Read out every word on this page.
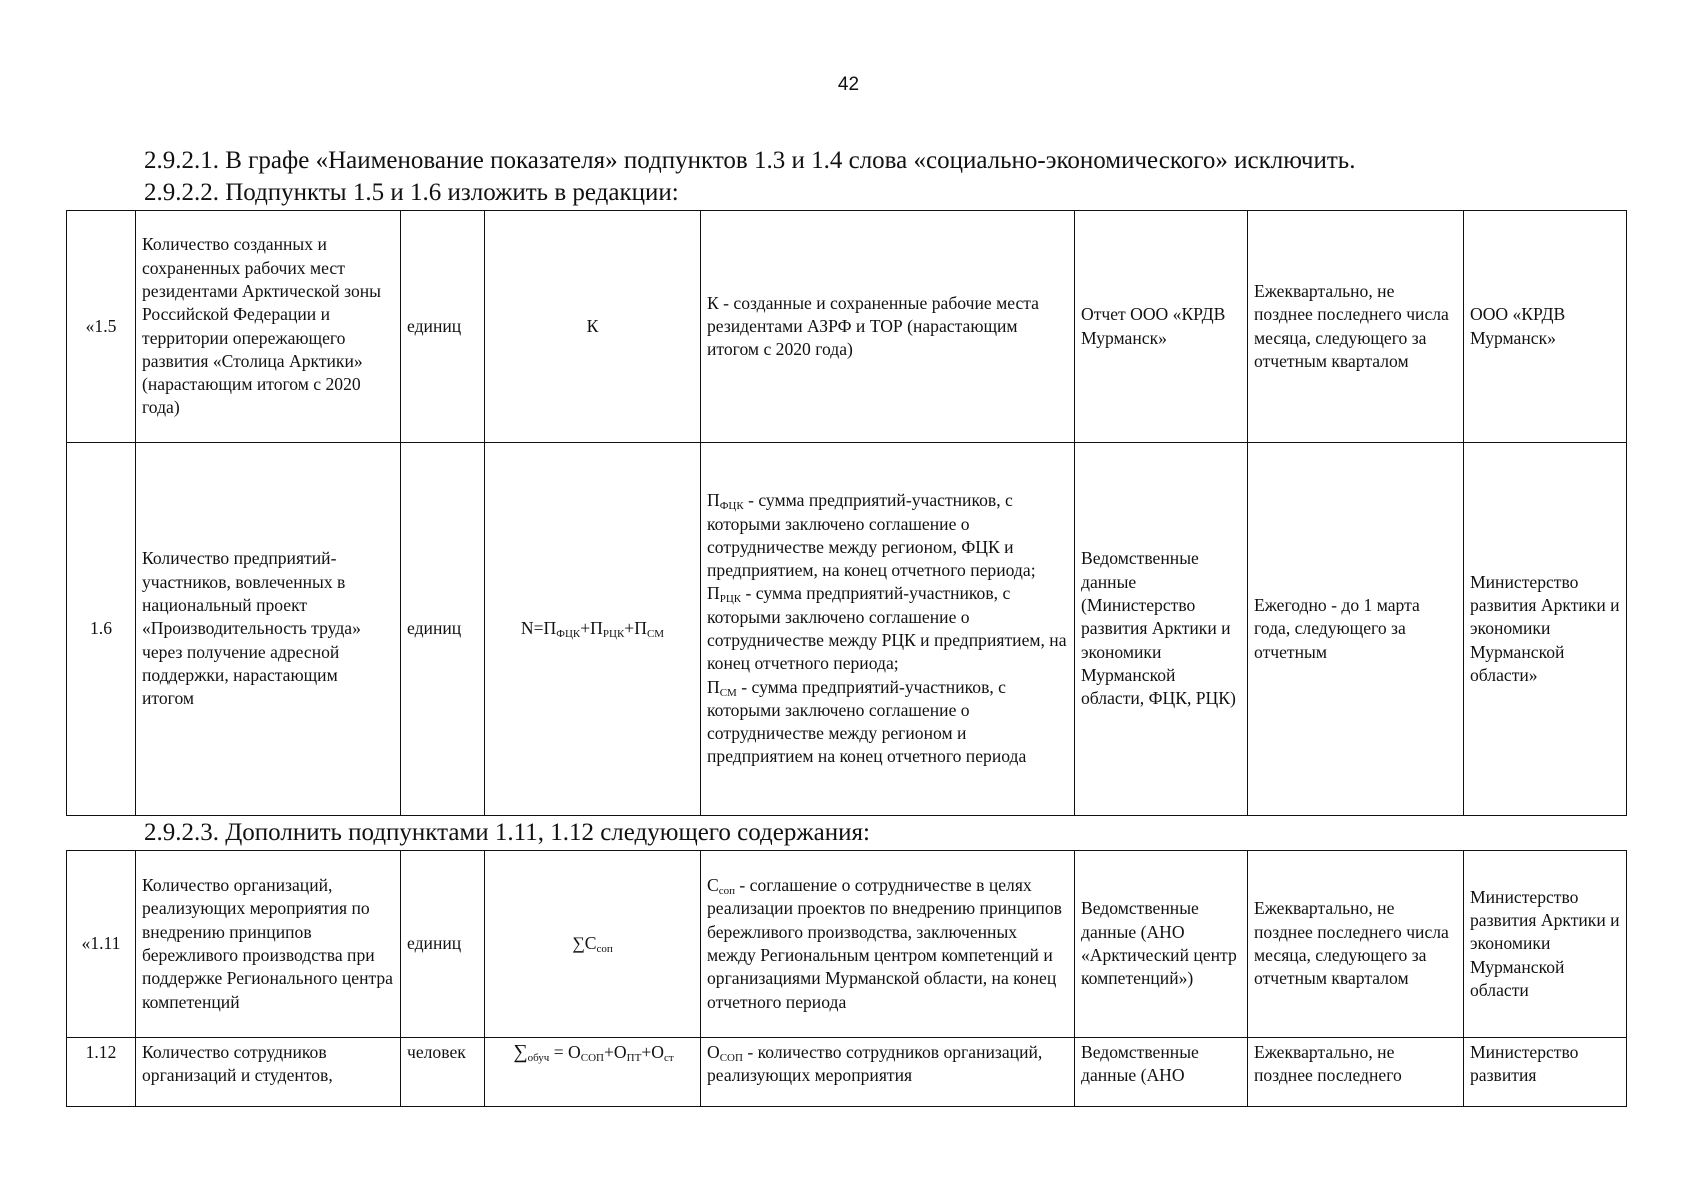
42
2.9.2.1. В графе «Наименование показателя» подпунктов 1.3 и 1.4 слова «социально-экономического» исключить.
2.9.2.2. Подпункты 1.5 и 1.6 изложить в редакции:
«1.5	Количество созданных и сохраненных рабочих мест резидентами Арктической зоны Российской Федерации и территории опережающего развития «Столица Арктики» (нарастающим итогом с 2020 года)	единиц	К	К - созданные и сохраненные рабочие места резидентами АЗРФ и ТОР (нарастающим итогом с 2020 года)	Отчет ООО «КРДВ Мурманск»	Ежеквартально, не позднее последнего числа месяца, следующего за отчетным кварталом	ООО «КРДВ Мурманск»
1.6	Количество предприятий-участников, вовлеченных в национальный проект «Производительность труда» через получение адресной поддержки, нарастающим итогом	единиц	$N=П_{ФЦК}+П_{РЦК}+П_{СМ}$	$П_{ФЦК}$ - сумма предприятий-участников, с которыми заключено соглашение о сотрудничестве между регионом, ФЦК и предприятием, на конец отчетного периода;
$П_{РЦК}$ - сумма предприятий-участников, с которыми заключено соглашение о сотрудничестве между РЦК и предприятием, на конец отчетного периода;
$П_{СМ}$ - сумма предприятий-участников, с которыми заключено соглашение о сотрудничестве между регионом и предприятием на конец отчетного периода	Ведомственные данные (Министерство развития Арктики и экономики Мурманской области, ФЦК, РЦК)	Ежегодно - до 1 марта года, следующего за отчетным	Министерство развития Арктики и экономики Мурманской области»
2.9.2.3. Дополнить подпунктами 1.11, 1.12 следующего содержания:
«1.11	Количество организаций, реализующих мероприятия по внедрению принципов бережливого производства при поддержке Регионального центра компетенций	единиц	$\sum С_{соп}$	$С_{соп}$ - соглашение о сотрудничестве в целях реализации проектов по внедрению принципов бережливого производства, заключенных между Региональным центром компетенций и организациями Мурманской области, на конец отчетного периода	Ведомственные данные (АНО «Арктический центр компетенций»)	Ежеквартально, не позднее последнего числа месяца, следующего за отчетным кварталом	Министерство развития Арктики и экономики Мурманской области
1.12	Количество сотрудников организаций и студентов,	человек	$\sum_{обуч} = О_{СОП}+О_{ПТ}+О_{ст}$	$О_{СОП}$ - количество сотрудников организаций, реализующих мероприятия	Ведомственные данные (АНО	Ежеквартально, не позднее последнего	Министерство развития
